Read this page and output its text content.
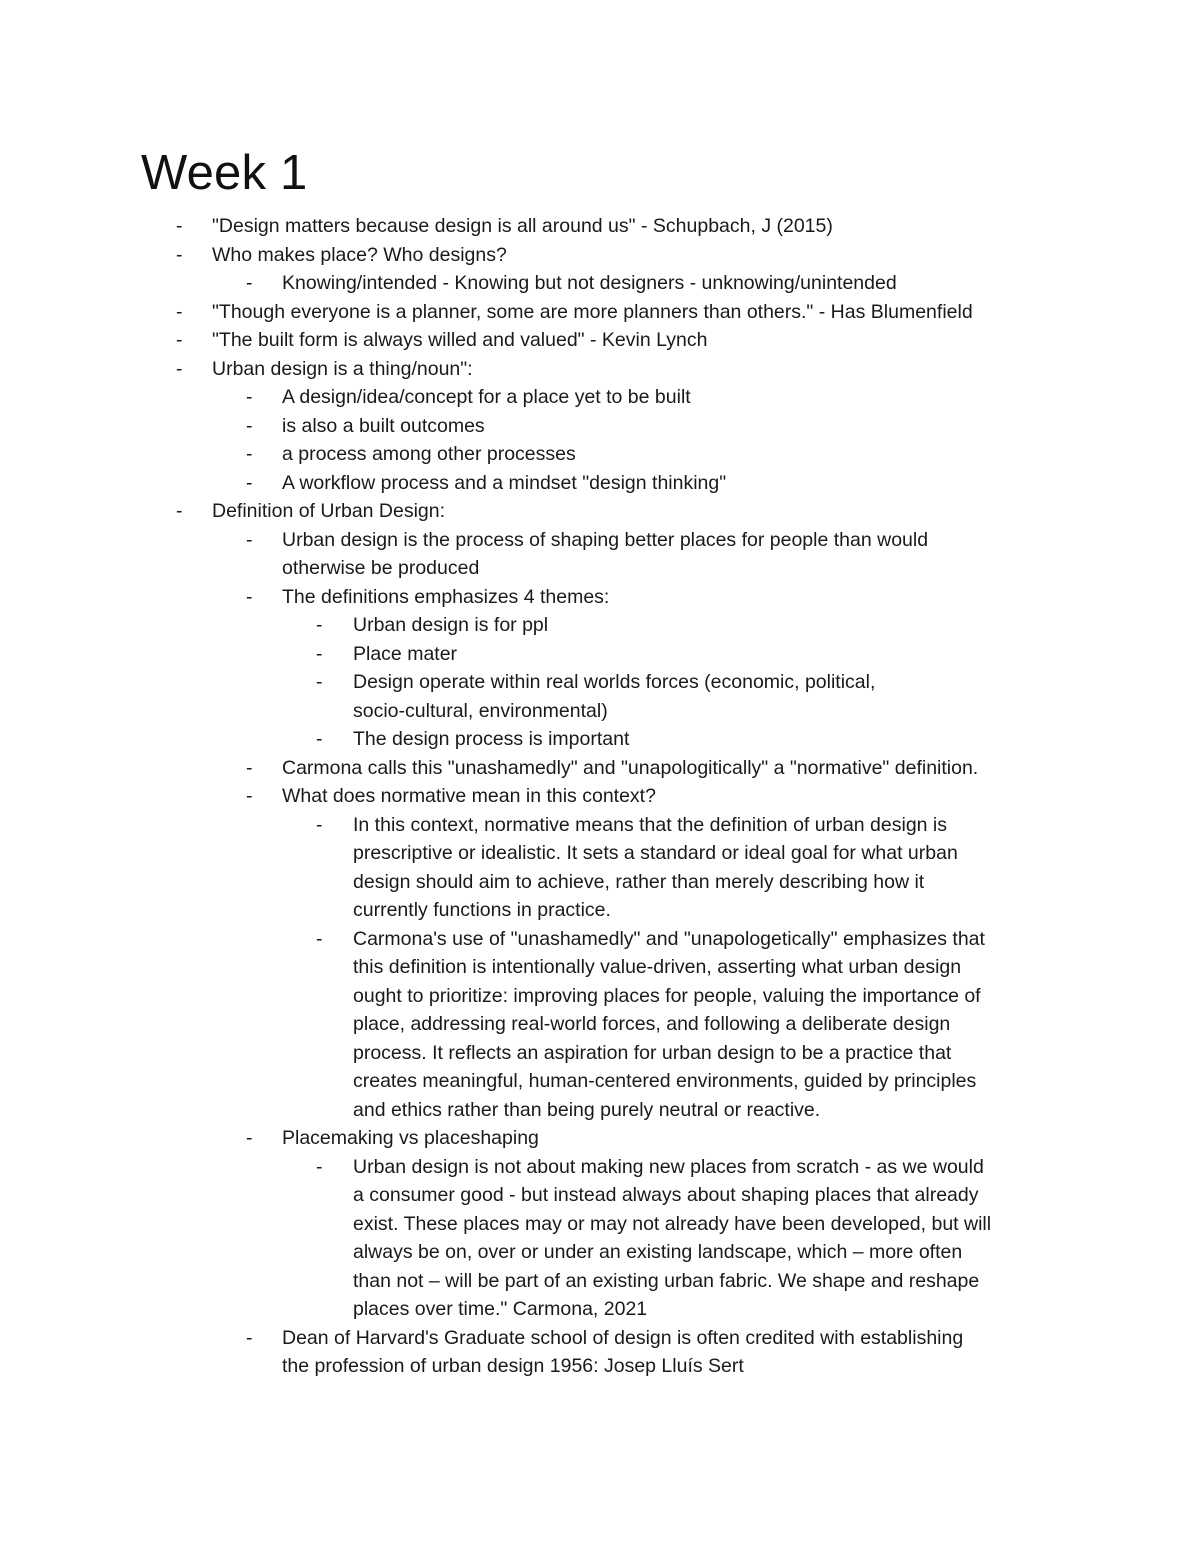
Week 1
- "Design matters because design is all around us" - Schupbach, J (2015)
- Who makes place? Who designs?
- Knowing/intended - Knowing but not designers - unknowing/unintended
- "Though everyone is a planner, some are more planners than others." - Has Blumenfield
- "The built form is always willed and valued" - Kevin Lynch
- Urban design is a thing/noun":
- A design/idea/concept for a place yet to be built
- is also a built outcomes
- a process among other processes
- A workflow process and a mindset "design thinking"
- Definition of Urban Design:
- Urban design is the process of shaping better places for people than would
otherwise be produced
- The definitions emphasizes 4 themes:
- Urban design is for ppl
- Place mater
- Design operate within real worlds forces (economic, political,
socio-cultural, environmental)
- The design process is important
- Carmona calls this "unashamedly" and "unapologitically" a "normative" definition.
- What does normative mean in this context?
- In this context, normative means that the definition of urban design is
prescriptive or idealistic. It sets a standard or ideal goal for what urban
design should aim to achieve, rather than merely describing how it
currently functions in practice.
- Carmona's use of "unashamedly" and "unapologetically" emphasizes that
this definition is intentionally value-driven, asserting what urban design
ought to prioritize: improving places for people, valuing the importance of
place, addressing real-world forces, and following a deliberate design
process. It reflects an aspiration for urban design to be a practice that
creates meaningful, human-centered environments, guided by principles
and ethics rather than being purely neutral or reactive.
- Placemaking vs placeshaping
- Urban design is not about making new places from scratch - as we would
a consumer good - but instead always about shaping places that already
exist. These places may or may not already have been developed, but will
always be on, over or under an existing landscape, which – more often
than not – will be part of an existing urban fabric. We shape and reshape
places over time." Carmona, 2021
- Dean of Harvard's Graduate school of design is often credited with establishing
the profession of urban design 1956: Josep Lluís Sert
